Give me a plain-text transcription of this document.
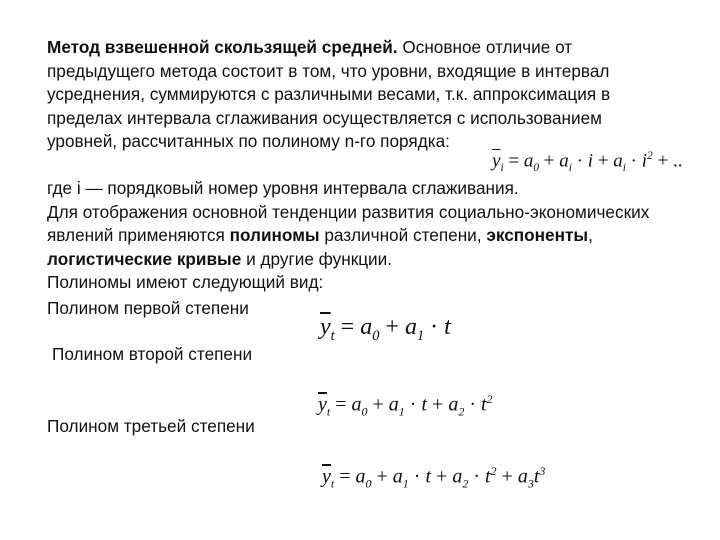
Метод взвешенной скользящей средней. Основное отличие от предыдущего метода состоит в том, что уровни, входящие в интервал усреднения, суммируются с различными весами, т.к. аппроксимация в пределах интервала сглаживания осуществляется с использованием уровней, рассчитанных по полиному n-го порядка:

$\overline{y}_i = a_0 + a_i \cdot i + a_i \cdot i^2$ + ..
где i — порядковый номер уровня интервала сглаживания.
Для отображения основной тенденции развития социально-экономических явлений применяются полиномы различной степени, экспоненты, логистические кривые и другие функции.
Полиномы имеют следующий вид:
Полином первой степени
Полином второй степени
Полином третьей степени
$\overline{y}_t = a_0 + a_1 \cdot t$
$\overline{y}_t = a_0 + a_1 \cdot t + a_2 \cdot t^2$
$\overline{y}_t = a_0 + a_1 \cdot t + a_2 \cdot t^2 + a_3t^3$
